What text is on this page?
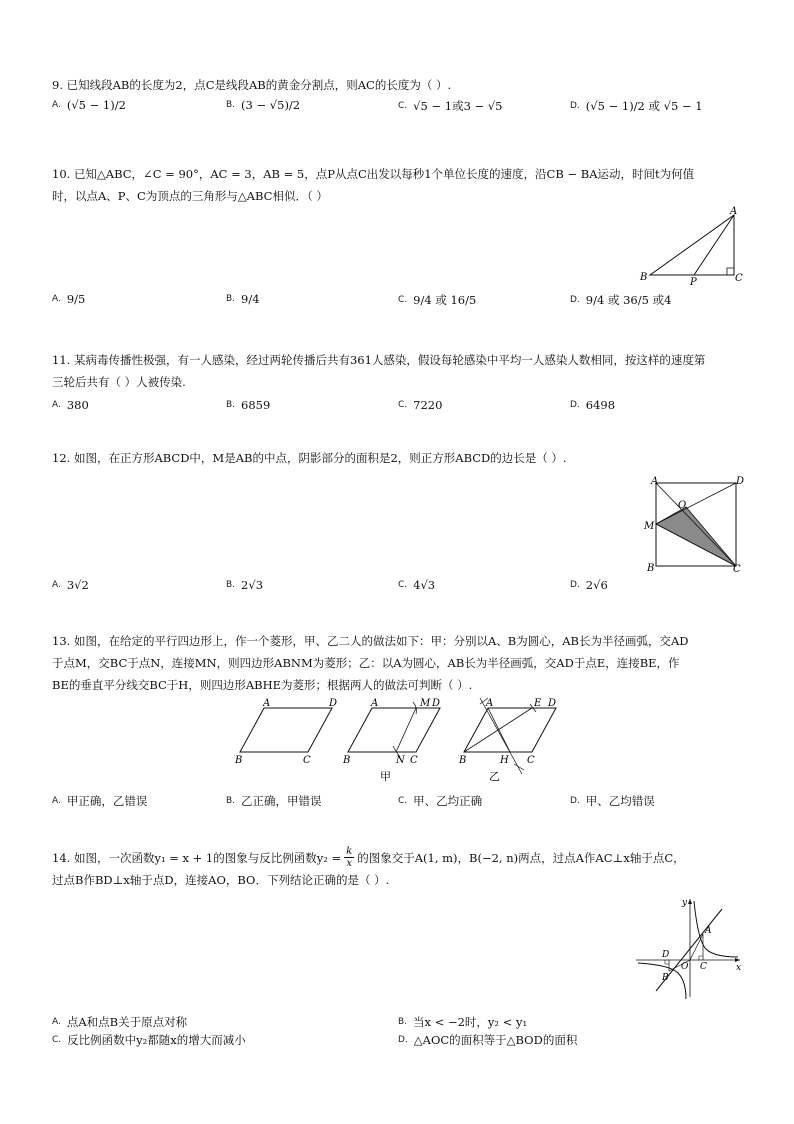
9. 已知线段AB的长度为2，点C是线段AB的黄金分割点，则AC的长度为（ ）.
A. (√5 − 1)/2	B. (3 − √5)/2	C. √5 − 1或3 − √5	D. (√5 − 1)/2 或 √5 − 1
10. 已知△ABC，∠C = 90°，AC = 3，AB = 5，点P从点C出发以每秒1个单位长度的速度，沿CB − BA运动，时间t为何值
时，以点A、P、C为顶点的三角形与△ABC相似．（ ）
A
B	P	C
A. 9/5	B. 9/4	C. 9/4 或 16/5	D. 9/4 或 36/5 或4
11. 某病毒传播性极强，有一人感染，经过两轮传播后共有361人感染，假设每轮感染中平均一人感染人数相同，按这样的速度第
三轮后共有（ ）人被传染.
A. 380	B. 6859	C. 7220	D. 6498
12. 如图，在正方形ABCD中，M是AB的中点，阴影部分的面积是2，则正方形ABCD的边长是（ ）.
A	D
O
M
B	C
A. 3√2	B. 2√3	C. 4√3	D. 2√6
13. 如图，在给定的平行四边形上，作一个菱形，甲、乙二人的做法如下：甲：分别以A、B为圆心，AB长为半径画弧，交AD
于点M，交BC于点N，连接MN，则四边形ABNM为菱形；乙：以A为圆心，AB长为半径画弧，交AD于点E，连接BE，作
BE的垂直平分线交BC于H，则四边形ABHE为菱形；根据两人的做法可判断（ ）.
A	D
B	C
A	M D
B	N C
甲
A	E D
B	H C
乙
A. 甲正确，乙错误	B. 乙正确，甲错误	C. 甲、乙均正确	D. 甲、乙均错误
14. 如图，一次函数y₁ = x + 1的图象与反比例函数$y_2 = \frac{k}{x}$ 的图象交于A(1, m)，B(−2, n)两点，过点A作AC⊥x轴于点C，
过点B作BD⊥x轴于点D，连接AO，BO．下列结论正确的是（ ）.
y
A
D
O C	x
B
A. 点A和点B关于原点对称	B. 当x < −2时，y₂ < y₁
C. 反比例函数中y₂都随x的增大而减小	D. △AOC的面积等于△BOD的面积
